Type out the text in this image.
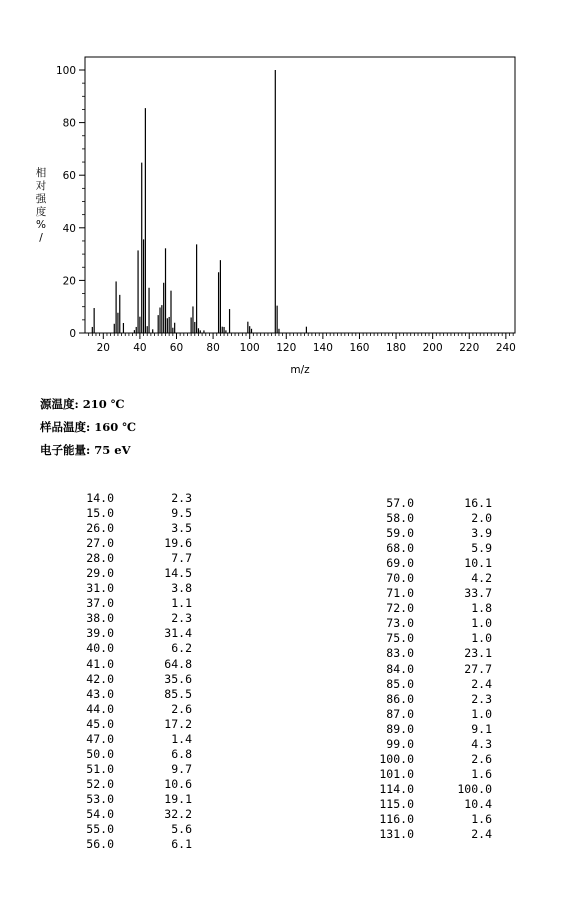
20 40 60 80 100 120 140 160 180 200 220 240
0
20
40
60
80
100
m/z
相对强度% /
源温度: 210 ℃
样品温度: 160 ℃
电子能量: 75 eV
14.0	2.3
15.0	9.5
26.0	3.5
27.0	19.6
28.0	7.7
29.0	14.5
31.0	3.8
37.0	1.1
38.0	2.3
39.0	31.4
40.0	6.2
41.0	64.8
42.0	35.6
43.0	85.5
44.0	2.6
45.0	17.2
47.0	1.4
50.0	6.8
51.0	9.7
52.0	10.6
53.0	19.1
54.0	32.2
55.0	5.6
56.0	6.1
57.0	16.1
58.0	2.0
59.0	3.9
68.0	5.9
69.0	10.1
70.0	4.2
71.0	33.7
72.0	1.8
73.0	1.0
75.0	1.0
83.0	23.1
84.0	27.7
85.0	2.4
86.0	2.3
87.0	1.0
89.0	9.1
99.0	4.3
100.0	2.6
101.0	1.6
114.0	100.0
115.0	10.4
116.0	1.6
131.0	2.4
